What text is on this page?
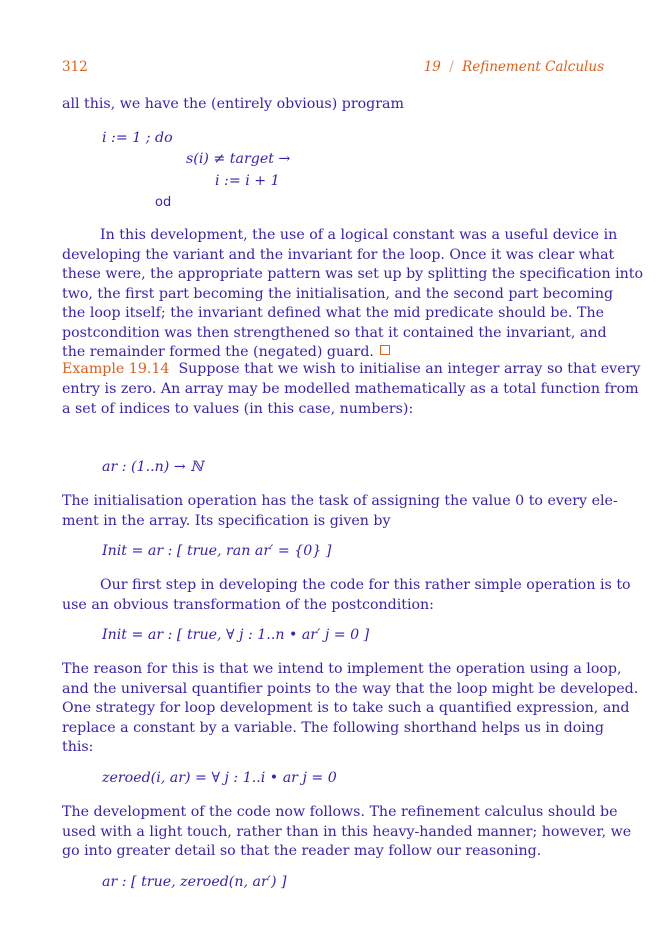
312	19 / Refinement Calculus
all this, we have the (entirely obvious) program
i := 1 ; do
s(i) ≠ target →
i := i + 1
od
In this development, the use of a logical constant was a useful device in
developing the variant and the invariant for the loop. Once it was clear what
these were, the appropriate pattern was set up by splitting the specification into
two, the first part becoming the initialisation, and the second part becoming
the loop itself; the invariant defined what the mid predicate should be. The
postcondition was then strengthened so that it contained the invariant, and
the remainder formed the (negated) guard.
Example 19.14 Suppose that we wish to initialise an integer array so that every
entry is zero. An array may be modelled mathematically as a total function from
a set of indices to values (in this case, numbers):
ar : (1..n) → ℕ
The initialisation operation has the task of assigning the value 0 to every ele-
ment in the array. Its specification is given by
Init = ar : [ true, ran ar′ = {0} ]
Our first step in developing the code for this rather simple operation is to
use an obvious transformation of the postcondition:
Init = ar : [ true, ∀ j : 1..n • ar′ j = 0 ]
The reason for this is that we intend to implement the operation using a loop,
and the universal quantifier points to the way that the loop might be developed.
One strategy for loop development is to take such a quantified expression, and
replace a constant by a variable. The following shorthand helps us in doing
this:
zeroed(i, ar) = ∀ j : 1..i • ar j = 0
The development of the code now follows. The refinement calculus should be
used with a light touch, rather than in this heavy-handed manner; however, we
go into greater detail so that the reader may follow our reasoning.
ar : [ true, zeroed(n, ar′) ]
